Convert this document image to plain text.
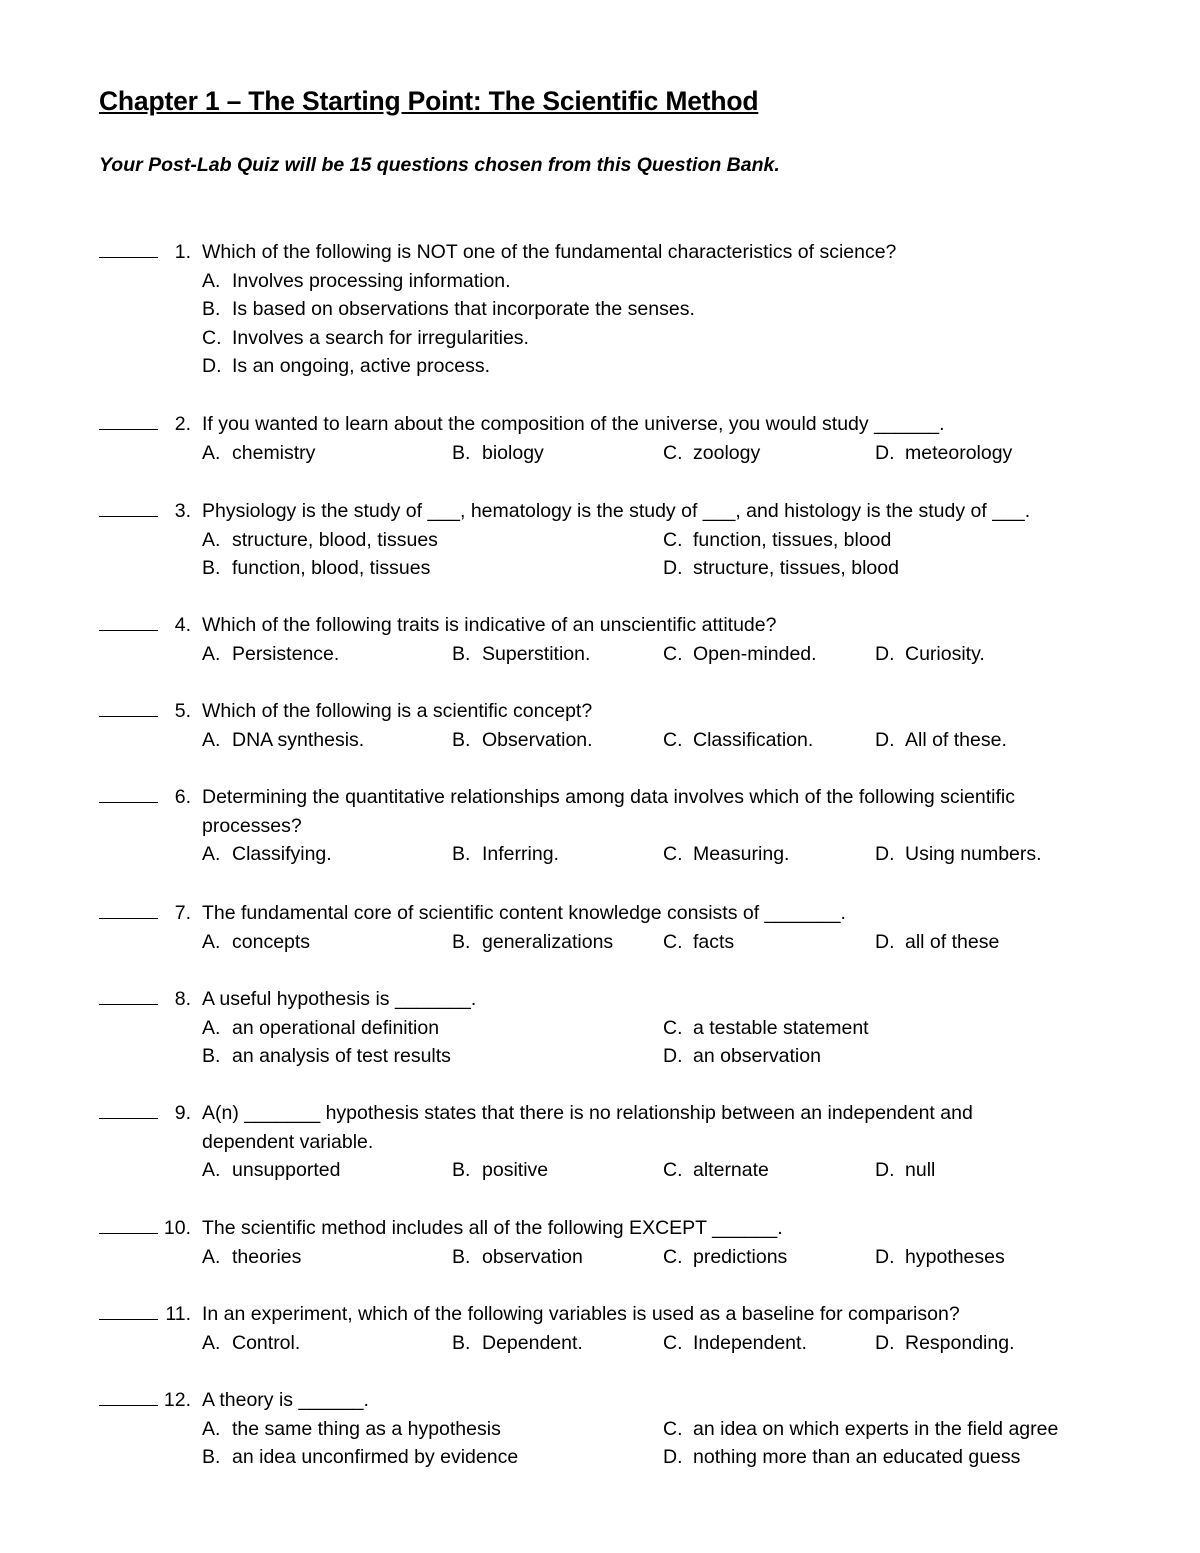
Chapter 1 – The Starting Point: The Scientific Method

Your Post-Lab Quiz will be 15 questions chosen from this Question Bank.

1. Which of the following is NOT one of the fundamental characteristics of science?
A. Involves processing information.
B. Is based on observations that incorporate the senses.
C. Involves a search for irregularities.
D. Is an ongoing, active process.
2. If you wanted to learn about the composition of the universe, you would study ______.
A. chemistry	B. biology	C. zoology	D. meteorology
3. Physiology is the study of ___, hematology is the study of ___, and histology is the study of ___.
A. structure, blood, tissues
B. function, blood, tissues
C. function, tissues, blood
D. structure, tissues, blood
4. Which of the following traits is indicative of an unscientific attitude?
A. Persistence.	B. Superstition.	C. Open-minded.	D. Curiosity.
5. Which of the following is a scientific concept?
A. DNA synthesis.	B. Observation.	C. Classification.	D. All of these.
6. Determining the quantitative relationships among data involves which of the following scientific
processes?
A. Classifying.	B. Inferring.	C. Measuring.	D. Using numbers.
7. The fundamental core of scientific content knowledge consists of _______.
A. concepts	B. generalizations	C. facts	D. all of these
8. A useful hypothesis is _______.
A. an operational definition
B. an analysis of test results
C. a testable statement
D. an observation
9. A(n) _______ hypothesis states that there is no relationship between an independent and
dependent variable.
A. unsupported	B. positive	C. alternate	D. null
10. The scientific method includes all of the following EXCEPT ______.
A. theories	B. observation	C. predictions	D. hypotheses
11. In an experiment, which of the following variables is used as a baseline for comparison?
A. Control.	B. Dependent.	C. Independent.	D. Responding.
12. A theory is ______.
A. the same thing as a hypothesis
B. an idea unconfirmed by evidence
C. an idea on which experts in the field agree
D. nothing more than an educated guess
